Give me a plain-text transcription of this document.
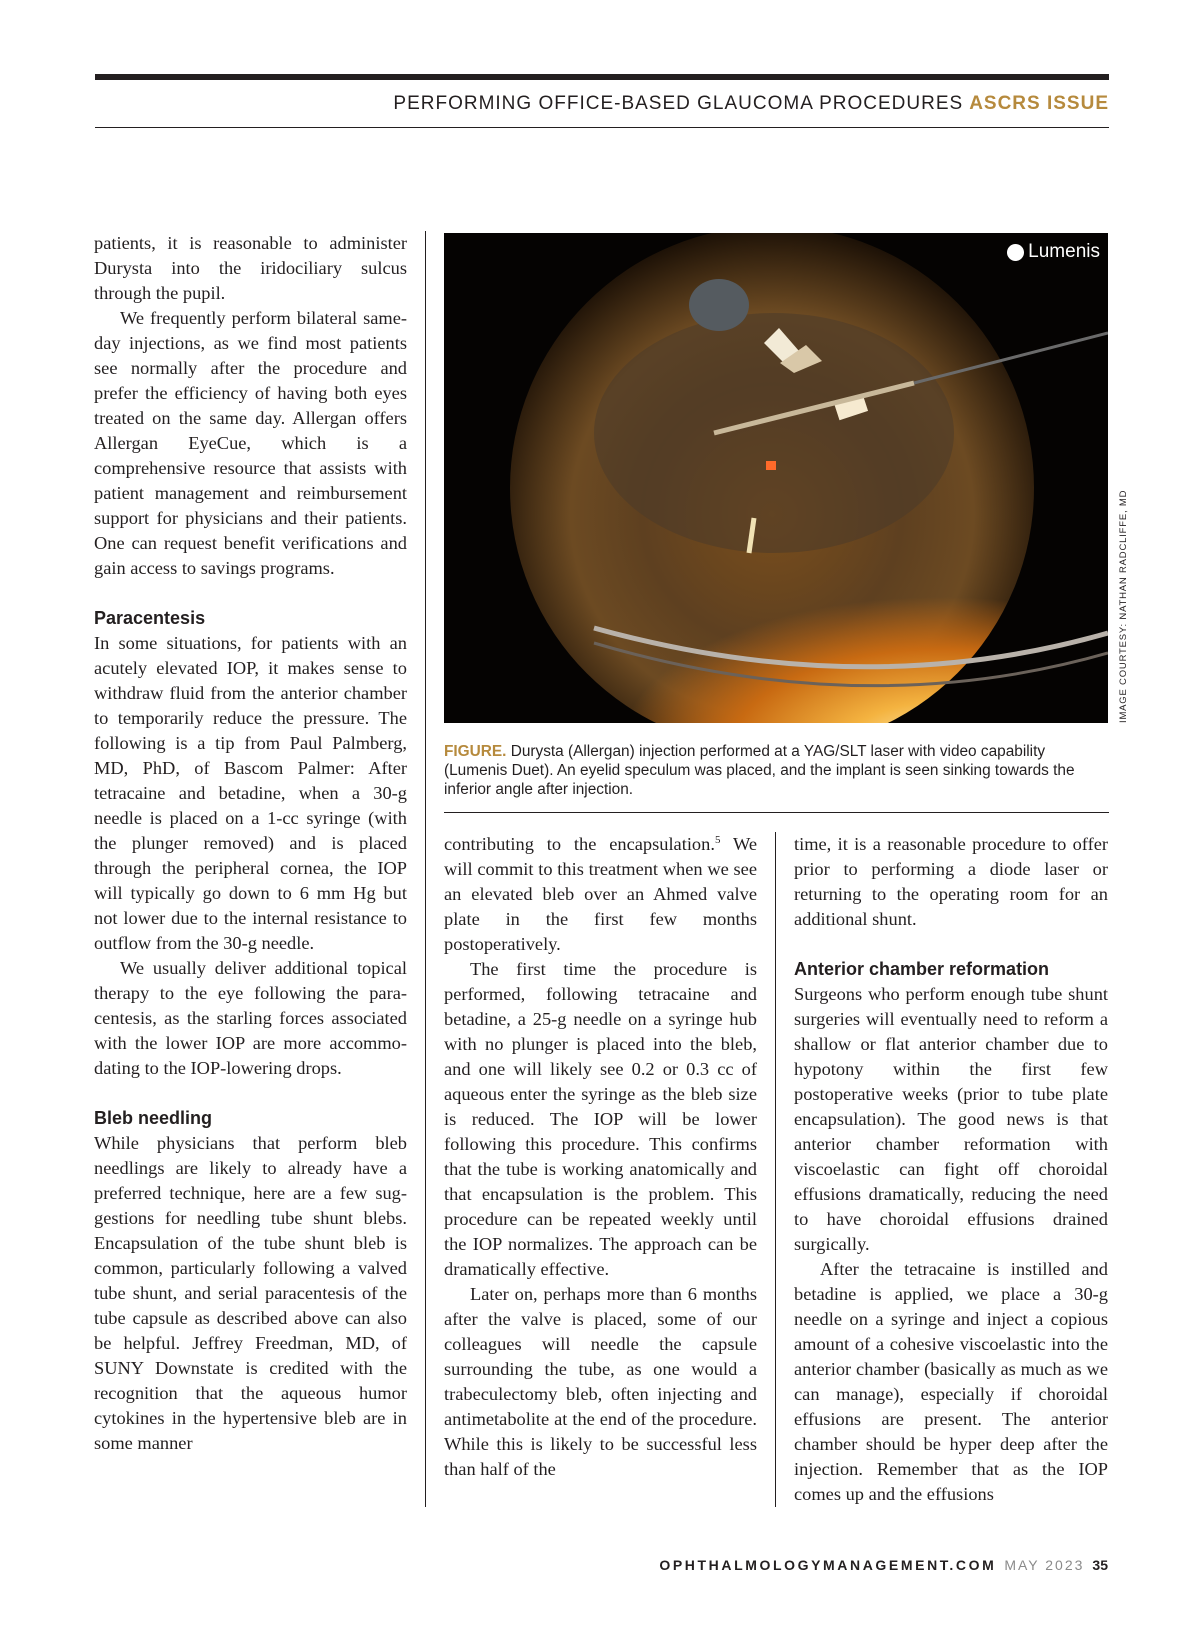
PERFORMING OFFICE-BASED GLAUCOMA PROCEDURES ASCRS ISSUE

patients, it is reasonable to administer Durysta into the iridociliary sulcus through the pupil.

We frequently perform bilateral same-day injections, as we find most patients see normally after the procedure and prefer the efficiency of having both eyes treated on the same day. Allergan offers Allergan EyeCue, which is a comprehensive resource that assists with patient management and reimbursement support for physicians and their patients. One can request benefit verifications and gain access to savings programs.

Paracentesis

In some situations, for patients with an acutely elevated IOP, it makes sense to withdraw fluid from the anterior chamber to temporarily reduce the pressure. The following is a tip from Paul Palmberg, MD, PhD, of Bascom Palmer: After tetracaine and betadine, when a 30-g needle is placed on a 1-cc syringe (with the plunger removed) and is placed through the peripheral cornea, the IOP will typically go down to 6 mm Hg but not lower due to the internal resistance to outflow from the 30-g needle.

We usually deliver additional topical therapy to the eye following the paracentesis, as the starling forces associated with the lower IOP are more accommodating to the IOP-lowering drops.

Bleb needling

While physicians that perform bleb needlings are likely to already have a preferred technique, here are a few suggestions for needling tube shunt blebs. Encapsulation of the tube shunt bleb is common, particularly following a valved tube shunt, and serial paracentesis of the tube capsule as described above can also be helpful. Jeffrey Freedman, MD, of SUNY Downstate is credited with the recognition that the aqueous humor cytokines in the hypertensive bleb are in some manner

Lumenis
IMAGE COURTESY: NATHAN RADCLIFFE, MD
FIGURE. Durysta (Allergan) injection performed at a YAG/SLT laser with video capability (Lumenis Duet). An eyelid speculum was placed, and the implant is seen sinking towards the inferior angle after injection.

contributing to the encapsulation.$^5$ We will commit to this treatment when we see an elevated bleb over an Ahmed valve plate in the first few months postoperatively.

The first time the procedure is performed, following tetracaine and betadine, a 25-g needle on a syringe hub with no plunger is placed into the bleb, and one will likely see 0.2 or 0.3 cc of aqueous enter the syringe as the bleb size is reduced. The IOP will be lower following this procedure. This confirms that the tube is working anatomically and that encapsulation is the problem. This procedure can be repeated weekly until the IOP normalizes. The approach can be dramatically effective.

Later on, perhaps more than 6 months after the valve is placed, some of our colleagues will needle the capsule surrounding the tube, as one would a trabeculectomy bleb, often injecting and antimetabolite at the end of the procedure. While this is likely to be successful less than half of the

time, it is a reasonable procedure to offer prior to performing a diode laser or returning to the operating room for an additional shunt.

Anterior chamber reformation

Surgeons who perform enough tube shunt surgeries will eventually need to reform a shallow or flat anterior chamber due to hypotony within the first few postoperative weeks (prior to tube plate encapsulation). The good news is that anterior chamber reformation with viscoelastic can fight off choroidal effusions dramatically, reducing the need to have choroidal effusions drained surgically.

After the tetracaine is instilled and betadine is applied, we place a 30-g needle on a syringe and inject a copious amount of a cohesive viscoelastic into the anterior chamber (basically as much as we can manage), especially if choroidal effusions are present. The anterior chamber should be hyper deep after the injection. Remember that as the IOP comes up and the effusions

OPHTHALMOLOGYMANAGEMENT.COM MAY 2023 35
